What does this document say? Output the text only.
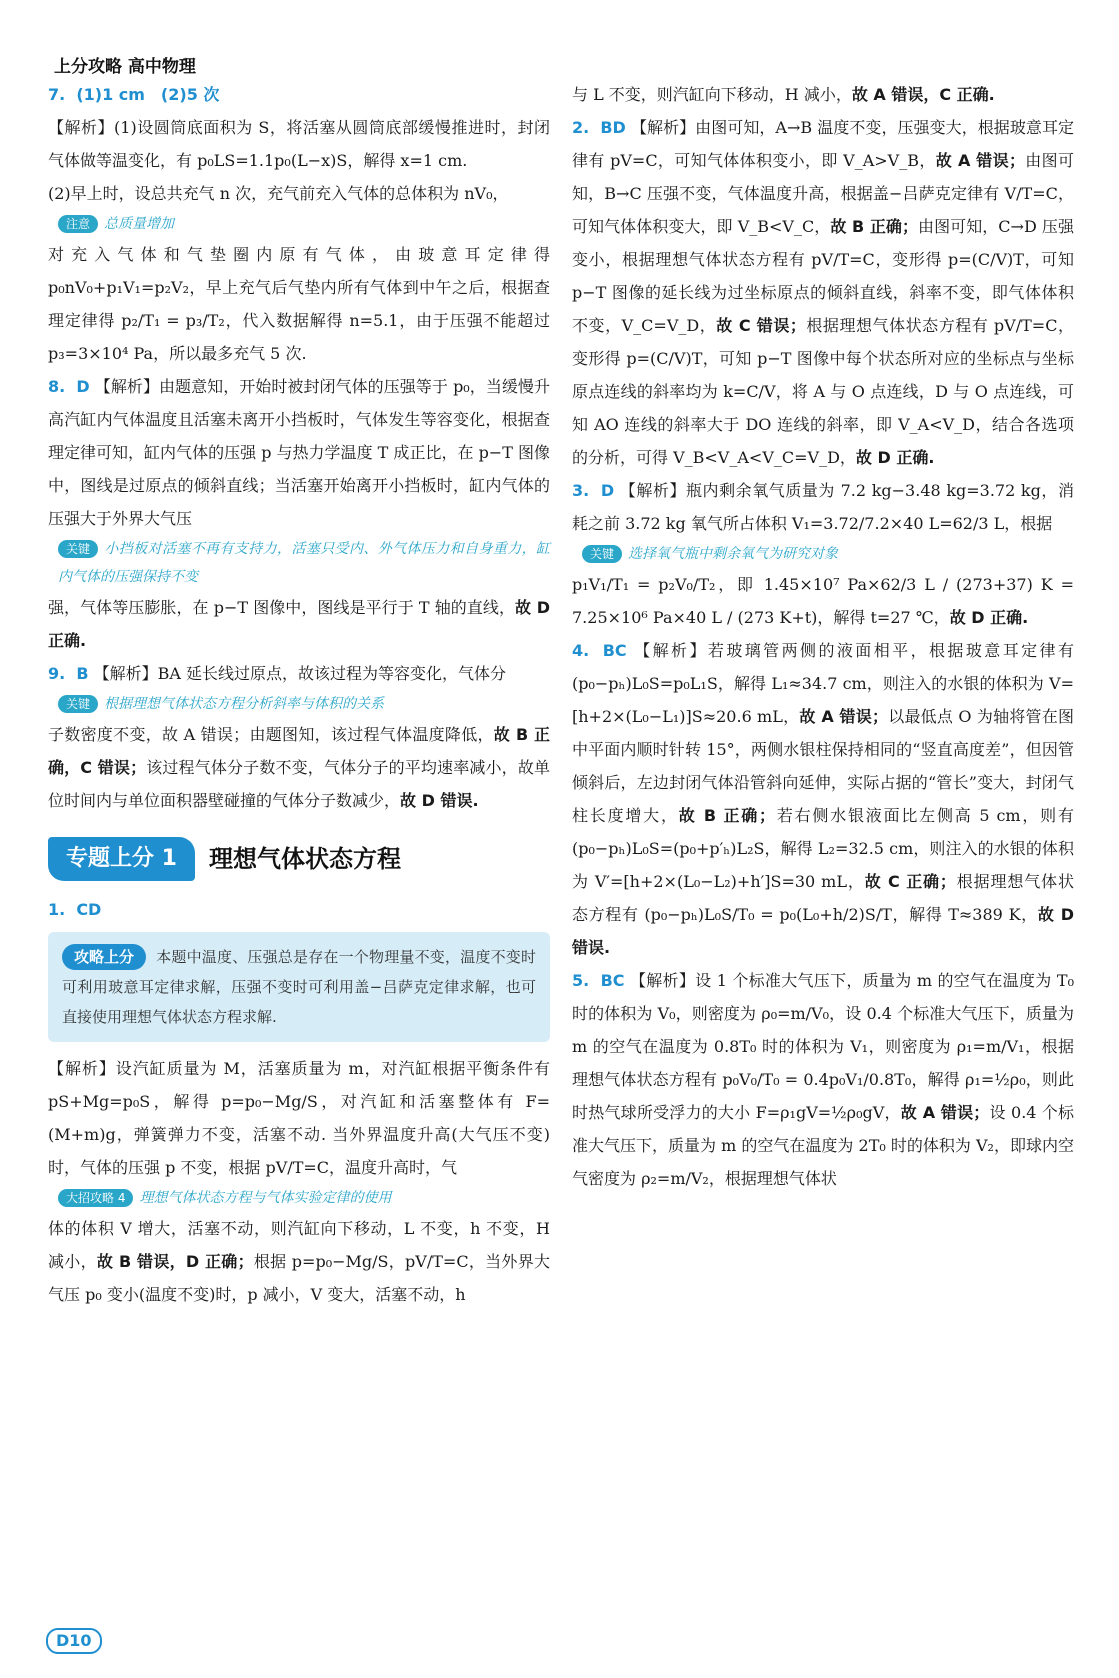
上分攻略 高中物理

7. (1)1 cm　(2)5 次

【解析】(1)设圆筒底面积为 S，将活塞从圆筒底部缓慢推进时，封闭气体做等温变化，有 p₀LS=1.1p₀(L−x)S，解得 x=1 cm.

(2)早上时，设总共充气 n 次，充气前充入气体的总体积为 nV₀，

注意 总质量增加

对充入气体和气垫圈内原有气体，由玻意耳定律得 p₀nV₀+p₁V₁=p₂V₂，早上充气后气垫内所有气体到中午之后，根据查理定律得 p₂/T₁ = p₃/T₂，代入数据解得 n=5.1，由于压强不能超过 p₃=3×10⁴ Pa，所以最多充气 5 次.

8. D 【解析】由题意知，开始时被封闭气体的压强等于 p₀，当缓慢升高汽缸内气体温度且活塞未离开小挡板时，气体发生等容变化，根据查理定律可知，缸内气体的压强 p 与热力学温度 T 成正比，在 p−T 图像中，图线是过原点的倾斜直线；当活塞开始离开小挡板时，缸内气体的压强大于外界大气压

关键 小挡板对活塞不再有支持力，活塞只受内、外气体压力和自身重力，缸内气体的压强保持不变

强，气体等压膨胀，在 p−T 图像中，图线是平行于 T 轴的直线，故 D 正确.

9. B 【解析】BA 延长线过原点，故该过程为等容变化，气体分

关键 根据理想气体状态方程分析斜率与体积的关系

子数密度不变，故 A 错误；由题图知，该过程气体温度降低，故 B 正确，C 错误；该过程气体分子数不变，气体分子的平均速率减小，故单位时间内与单位面积器壁碰撞的气体分子数减少，故 D 错误.

专题上分 1	理想气体状态方程

1. CD

攻略上分 本题中温度、压强总是存在一个物理量不变，温度不变时可利用玻意耳定律求解，压强不变时可利用盖−吕萨克定律求解，也可直接使用理想气体状态方程求解.

【解析】设汽缸质量为 M，活塞质量为 m，对汽缸根据平衡条件有 pS+Mg=p₀S，解得 p=p₀−Mg/S，对汽缸和活塞整体有 F=(M+m)g，弹簧弹力不变，活塞不动. 当外界温度升高(大气压不变)时，气体的压强 p 不变，根据 pV/T=C，温度升高时，气

大招攻略 4 理想气体状态方程与气体实验定律的使用

体的体积 V 增大，活塞不动，则汽缸向下移动，L 不变，h 不变，H 减小，故 B 错误，D 正确；根据 p=p₀−Mg/S，pV/T=C，当外界大气压 p₀ 变小(温度不变)时，p 减小，V 变大，活塞不动，h

与 L 不变，则汽缸向下移动，H 减小，故 A 错误，C 正确.

2. BD 【解析】由图可知，A→B 温度不变，压强变大，根据玻意耳定律有 pV=C，可知气体体积变小，即 V_A>V_B，故 A 错误；由图可知，B→C 压强不变，气体温度升高，根据盖−吕萨克定律有 V/T=C，可知气体体积变大，即 V_B<V_C，故 B 正确；由图可知，C→D 压强变小，根据理想气体状态方程有 pV/T=C，变形得 p=(C/V)T，可知 p−T 图像的延长线为过坐标原点的倾斜直线，斜率不变，即气体体积不变，V_C=V_D，故 C 错误；根据理想气体状态方程有 pV/T=C，变形得 p=(C/V)T，可知 p−T 图像中每个状态所对应的坐标点与坐标原点连线的斜率均为 k=C/V，将 A 与 O 点连线，D 与 O 点连线，可知 AO 连线的斜率大于 DO 连线的斜率，即 V_A<V_D，结合各选项的分析，可得 V_B<V_A<V_C=V_D，故 D 正确.

3. D 【解析】瓶内剩余氧气质量为 7.2 kg−3.48 kg=3.72 kg，消耗之前 3.72 kg 氧气所占体积 V₁=3.72/7.2×40 L=62/3 L，根据

关键 选择氧气瓶中剩余氧气为研究对象

p₁V₁/T₁ = p₂V₀/T₂，即 1.45×10⁷ Pa×62/3 L / (273+37) K = 7.25×10⁶ Pa×40 L / (273 K+t)，解得 t=27 ℃，故 D 正确.

4. BC 【解析】若玻璃管两侧的液面相平，根据玻意耳定律有 (p₀−pₕ)L₀S=p₀L₁S，解得 L₁≈34.7 cm，则注入的水银的体积为 V=[h+2×(L₀−L₁)]S≈20.6 mL，故 A 错误；以最低点 O 为轴将管在图中平面内顺时针转 15°，两侧水银柱保持相同的“竖直高度差”，但因管倾斜后，左边封闭气体沿管斜向延伸，实际占据的“管长”变大，封闭气柱长度增大，故 B 正确；若右侧水银液面比左侧高 5 cm，则有 (p₀−pₕ)L₀S=(p₀+p′ₕ)L₂S，解得 L₂=32.5 cm，则注入的水银的体积为 V′=[h+2×(L₀−L₂)+h′]S=30 mL，故 C 正确；根据理想气体状态方程有 (p₀−pₕ)L₀S/T₀ = p₀(L₀+h/2)S/T，解得 T≈389 K，故 D 错误.

5. BC 【解析】设 1 个标准大气压下，质量为 m 的空气在温度为 T₀ 时的体积为 V₀，则密度为 ρ₀=m/V₀，设 0.4 个标准大气压下，质量为 m 的空气在温度为 0.8T₀ 时的体积为 V₁，则密度为 ρ₁=m/V₁，根据理想气体状态方程有 p₀V₀/T₀ = 0.4p₀V₁/0.8T₀，解得 ρ₁=½ρ₀，则此时热气球所受浮力的大小 F=ρ₁gV=½ρ₀gV，故 A 错误；设 0.4 个标准大气压下，质量为 m 的空气在温度为 2T₀ 时的体积为 V₂，即球内空气密度为 ρ₂=m/V₂，根据理想气体状

D10
